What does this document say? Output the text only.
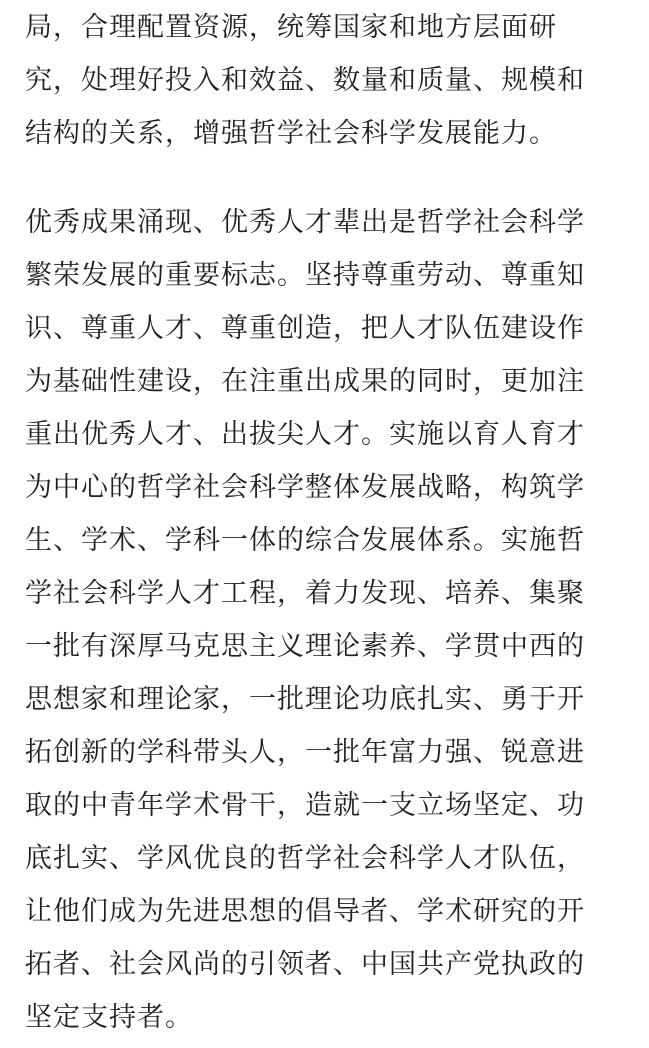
局，合理配置资源，统筹国家和地方层面研
究，处理好投入和效益、数量和质量、规模和
结构的关系，增强哲学社会科学发展能力。
优秀成果涌现、优秀人才辈出是哲学社会科学
繁荣发展的重要标志。坚持尊重劳动、尊重知
识、尊重人才、尊重创造，把人才队伍建设作
为基础性建设，在注重出成果的同时，更加注
重出优秀人才、出拔尖人才。实施以育人育才
为中心的哲学社会科学整体发展战略，构筑学
生、学术、学科一体的综合发展体系。实施哲
学社会科学人才工程，着力发现、培养、集聚
一批有深厚马克思主义理论素养、学贯中西的
思想家和理论家，一批理论功底扎实、勇于开
拓创新的学科带头人，一批年富力强、锐意进
取的中青年学术骨干，造就一支立场坚定、功
底扎实、学风优良的哲学社会科学人才队伍，
让他们成为先进思想的倡导者、学术研究的开
拓者、社会风尚的引领者、中国共产党执政的
坚定支持者。
